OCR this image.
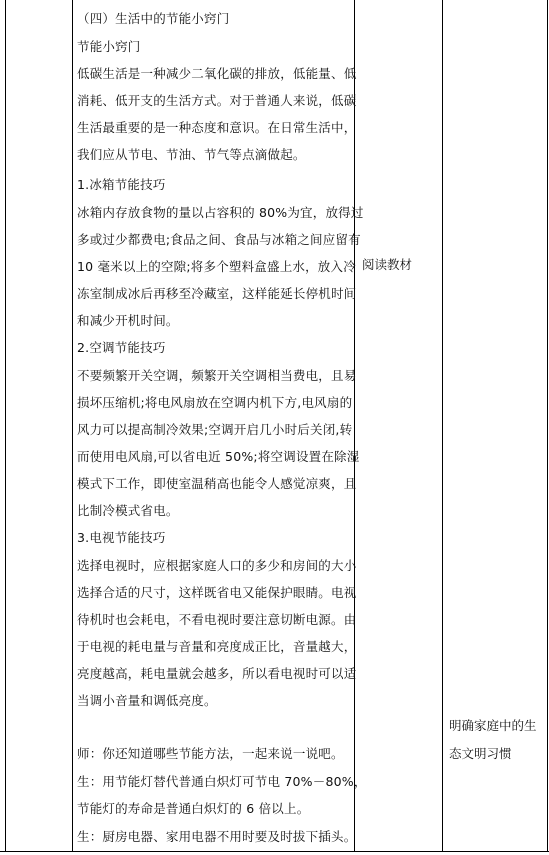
（四）生活中的节能小窍门
节能小窍门
低碳生活是一种减少二氧化碳的排放，低能量、低
消耗、低开支的生活方式。对于普通人来说，低碳
生活最重要的是一种态度和意识。在日常生活中，
我们应从节电、节油、节气等点滴做起。
1.冰箱节能技巧
冰箱内存放食物的量以占容积的 80%为宜，放得过
多或过少都费电;食品之间、食品与冰箱之间应留有
10 毫米以上的空隙;将多个塑料盒盛上水，放入冷
冻室制成冰后再移至冷藏室，这样能延长停机时间
和减少开机时间。
2.空调节能技巧
不要频繁开关空调，频繁开关空调相当费电，且易
损坏压缩机;将电风扇放在空调内机下方,电风扇的
风力可以提高制冷效果;空调开启几小时后关闭,转
而使用电风扇,可以省电近 50%;将空调设置在除湿
模式下工作，即使室温稍高也能令人感觉凉爽，且
比制冷模式省电。
3.电视节能技巧
选择电视时，应根据家庭人口的多少和房间的大小
选择合适的尺寸，这样既省电又能保护眼睛。电视
待机时也会耗电，不看电视时要注意切断电源。由
于电视的耗电量与音量和亮度成正比，音量越大，
亮度越高，耗电量就会越多，所以看电视时可以适
当调小音量和调低亮度。
师：你还知道哪些节能方法，一起来说一说吧。
生：用节能灯替代普通白炽灯可节电 70%－80%，
节能灯的寿命是普通白炽灯的 6 倍以上。
生：厨房电器、家用电器不用时要及时拔下插头。
阅读教材
明确家庭中的生
态文明习惯
